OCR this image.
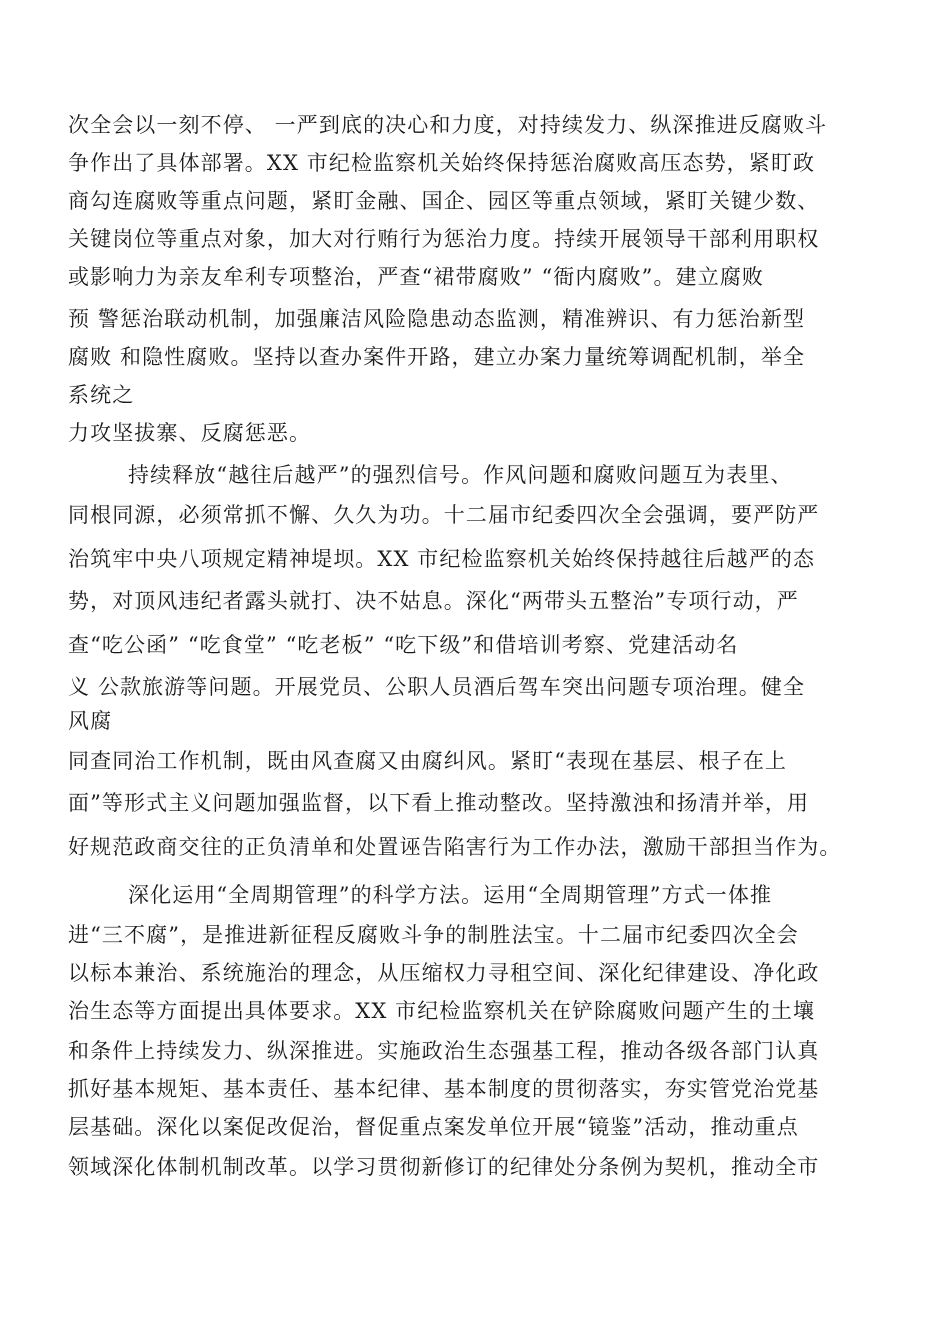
次全会以一刻不停、 一严到底的决心和力度，对持续发力、纵深推进反腐败斗
争作出了具体部署。XX 市纪检监察机关始终保持惩治腐败高压态势，紧盯政
商勾连腐败等重点问题，紧盯金融、国企、园区等重点领域，紧盯关键少数、
关键岗位等重点对象，加大对行贿行为惩治力度。持续开展领导干部利用职权
或影响力为亲友牟利专项整治，严查“裙带腐败” “衙内腐败”。建立腐败
预 警惩治联动机制，加强廉洁风险隐患动态监测，精准辨识、有力惩治新型
腐败 和隐性腐败。坚持以查办案件开路，建立办案力量统筹调配机制，举全
系统之
力攻坚拔寨、反腐惩恶。
持续释放“越往后越严”的强烈信号。作风问题和腐败问题互为表里、
同根同源，必须常抓不懈、久久为功。十二届市纪委四次全会强调，要严防严
治筑牢中央八项规定精神堤坝。XX 市纪检监察机关始终保持越往后越严的态
势，对顶风违纪者露头就打、决不姑息。深化“两带头五整治”专项行动，严
查“吃公函” “吃食堂” “吃老板” “吃下级”和借培训考察、党建活动名
义 公款旅游等问题。开展党员、公职人员酒后驾车突出问题专项治理。健全
风腐
同查同治工作机制，既由风查腐又由腐纠风。紧盯“表现在基层、根子在上
面”等形式主义问题加强监督，以下看上推动整改。坚持激浊和扬清并举，用
好规范政商交往的正负清单和处置诬告陷害行为工作办法，激励干部担当作为。
深化运用“全周期管理”的科学方法。运用“全周期管理”方式一体推
进“三不腐”，是推进新征程反腐败斗争的制胜法宝。十二届市纪委四次全会
以标本兼治、系统施治的理念，从压缩权力寻租空间、深化纪律建设、净化政
治生态等方面提出具体要求。XX 市纪检监察机关在铲除腐败问题产生的土壤
和条件上持续发力、纵深推进。实施政治生态强基工程，推动各级各部门认真
抓好基本规矩、基本责任、基本纪律、基本制度的贯彻落实，夯实管党治党基
层基础。深化以案促改促治，督促重点案发单位开展“镜鉴”活动，推动重点
领域深化体制机制改革。以学习贯彻新修订的纪律处分条例为契机，推动全市
